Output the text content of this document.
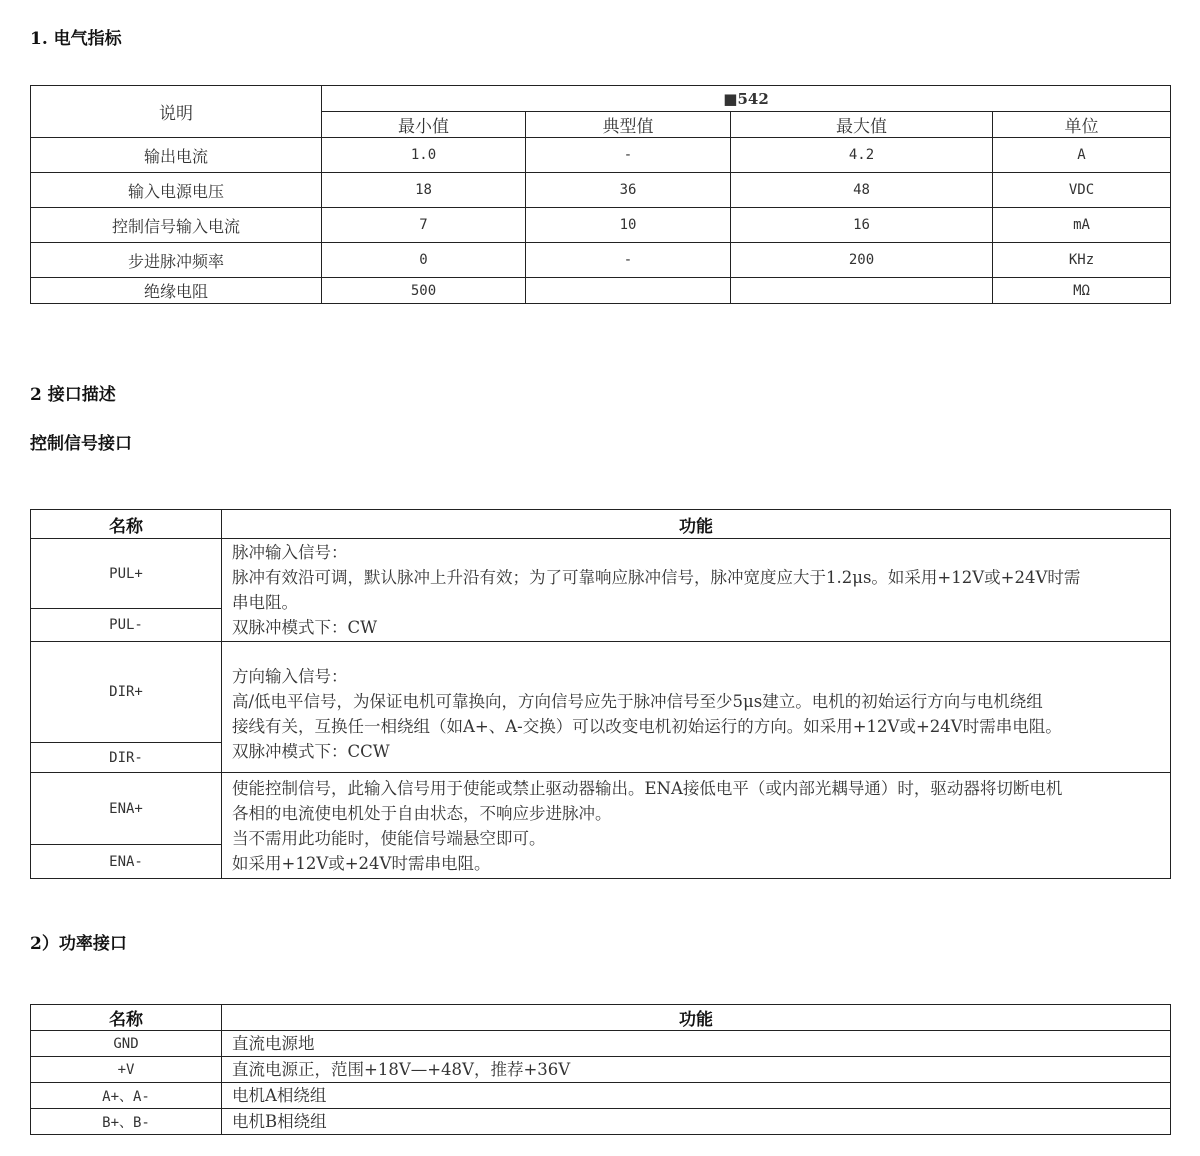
1. 电气指标
说明	■542			
	最小值	典型值	最大值	单位
输出电流	1.0	-	4.2	A
输入电源电压	18	36	48	VDC
控制信号输入电流	7	10	16	mA
步进脉冲频率	0	-	200	KHz
绝缘电阻	500			MΩ
2 接口描述
控制信号接口
名称	功能
PUL+	脉冲输入信号：
脉冲有效沿可调，默认脉冲上升沿有效；为了可靠响应脉冲信号，脉冲宽度应大于1.2μs。如采用+12V或+24V时需
串电阻。
双脉冲模式下：CW

PUL-	
DIR+	方向输入信号：
高/低电平信号，为保证电机可靠换向，方向信号应先于脉冲信号至少5μs建立。电机的初始运行方向与电机绕组
接线有关，互换任一相绕组（如A+、A-交换）可以改变电机初始运行的方向。如采用+12V或+24V时需串电阻。
双脉冲模式下：CCW

DIR-	
ENA+	使能控制信号，此输入信号用于使能或禁止驱动器输出。ENA接低电平（或内部光耦导通）时，驱动器将切断电机
各相的电流使电机处于自由状态，不响应步进脉冲。
当不需用此功能时，使能信号端悬空即可。
如采用+12V或+24V时需串电阻。

ENA-	
2）功率接口
名称	功能
GND	直流电源地
+V	直流电源正，范围+18V—+48V，推荐+36V
A+、A-	电机A相绕组
B+、B-	电机B相绕组
